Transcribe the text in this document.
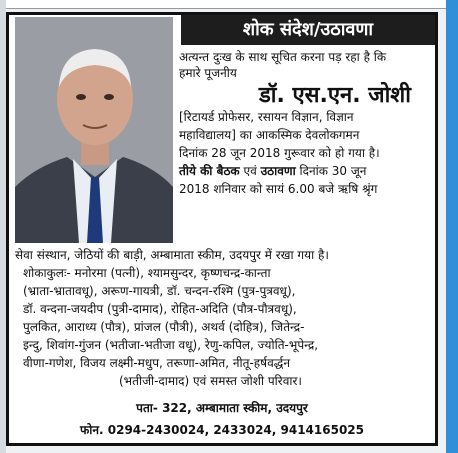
शोक संदेश/उठावणा
अत्यन्त दुःख के साथ सूचित करना पड़ रहा है कि
हमारे पूजनीय
डॉ. एस.एन. जोशी
[रिटायर्ड प्रोफेसर, रसायन विज्ञान, विज्ञान
महाविद्यालय] का आकस्मिक देवलोकगमन
दिनांक 28 जून 2018 गुरूवार को हो गया है।
तीये की बैठक एवं उठावणा दिनांक 30 जून
2018 शनिवार को सायं 6.00 बजे ऋषि श्रृंग
सेवा संस्थान, जेठियों की बाड़ी, अम्बामाता स्कीम, उदयपुर में रखा गया है।
शोकाकुलः- मनोरमा (पत्नी), श्यामसुन्दर, कृष्णचन्द्र-कान्ता
(भ्राता-भ्रातावधू), अरूण-गायत्री, डॉ. चन्दन-रश्मि (पुत्र-पुत्रवधू),
डॉ. वन्दना-जयदीप (पुत्री-दामाद), रोहित-अदिति (पौत्र-पौत्रवधू),
पुलकित, आराध्य (पौत्र), प्रांजल (पौत्री), अथर्व (दोहित्र), जितेन्द्र-
इन्दु, शिवांग-गुंजन (भतीजा-भतीजा वधू), रेणु-कपिल, ज्योति-भूपेन्द्र,
वीणा-गणेश, विजय लक्ष्मी-मधुप, तरूणा-अमित, नीतू-हर्षवर्द्धन
(भतीजी-दामाद) एवं समस्त जोशी परिवार।
पता- 322, अम्बामाता स्कीम, उदयपुर
फोन. 0294-2430024, 2433024, 9414165025
